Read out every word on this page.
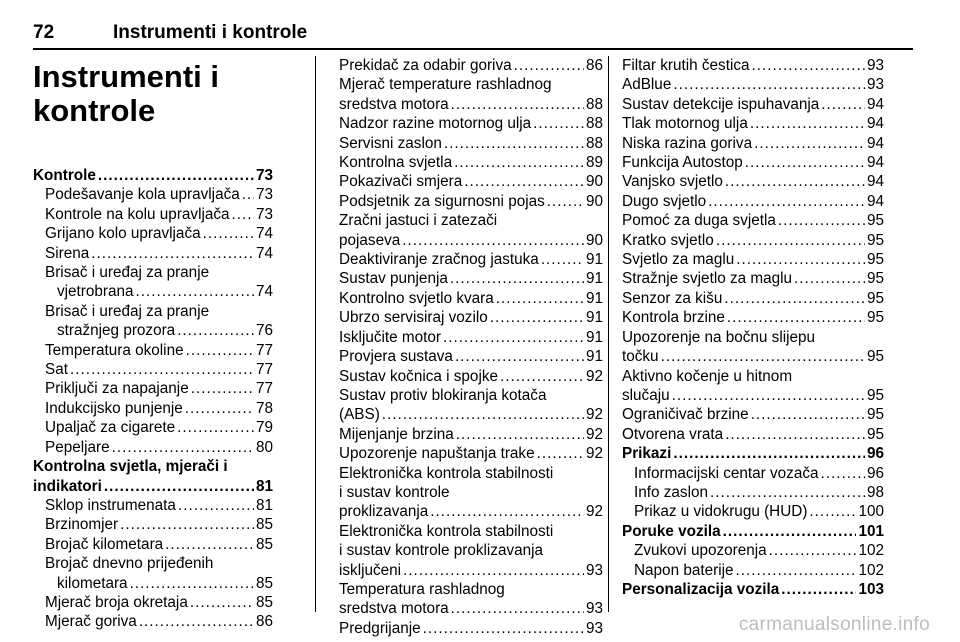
72	Instrumenti i kontrole
Instrumenti i
kontrole
Kontrole .....	73
Podešavanje kola upravljača ..... 73
Kontrole na kolu upravljača ..... 73
Grijano kolo upravljača .....	74
Sirena .....	74
Brisač i uređaj za pranje
vjetrobrana .....	74
Brisač i uređaj za pranje
stražnjeg prozora .....	76
Temperatura okoline .....	77
Sat .....	77
Priključi za napajanje .....	77
Indukcijsko punjenje .....	78
Upaljač za cigarete .....	79
Pepeljare .....	80
Kontrolna svjetla, mjerači i
indikatori .....	81
Sklop instrumenata .....	81
Brzinomjer .....	85
Brojač kilometara .....	85
Brojač dnevno prijeđenih
kilometara .....	85
Mjerač broja okretaja .....	85
Mjerač goriva .....	86
Prekidač za odabir goriva .....	86
Mjerač temperature rashladnog
sredstva motora .....	88
Nadzor razine motornog ulja .....	88
Servisni zaslon .....	88
Kontrolna svjetla .....	89
Pokazivači smjera .....	90
Podsjetnik za sigurnosni pojas .....	90
Zračni jastuci i zatezači
pojaseva .....	90
Deaktiviranje zračnog jastuka .....	91
Sustav punjenja .....	91
Kontrolno svjetlo kvara .....	91
Ubrzo servisiraj vozilo .....	91
Isključite motor .....	91
Provjera sustava .....	91
Sustav kočnica i spojke .....	92
Sustav protiv blokiranja kotača
(ABS) .....	92
Mijenjanje brzina .....	92
Upozorenje napuštanja trake .....	92
Elektronička kontrola stabilnosti
i sustav kontrole
proklizavanja .....	92
Elektronička kontrola stabilnosti
i sustav kontrole proklizavanja
isključeni .....	93
Temperatura rashladnog
sredstva motora .....	93
Predgrijanje .....	93
Filtar krutih čestica .....	93
AdBlue .....	93
Sustav detekcije ispuhavanja .....	94
Tlak motornog ulja .....	94
Niska razina goriva .....	94
Funkcija Autostop .....	94
Vanjsko svjetlo .....	94
Dugo svjetlo .....	94
Pomoć za duga svjetla .....	95
Kratko svjetlo .....	95
Svjetlo za maglu .....	95
Stražnje svjetlo za maglu .....	95
Senzor za kišu .....	95
Kontrola brzine .....	95
Upozorenje na bočnu slijepu
točku .....	95
Aktivno kočenje u hitnom
slučaju .....	95
Ograničivač brzine .....	95
Otvorena vrata .....	95
Prikazi .....	96
Informacijski centar vozača .....	96
Info zaslon .....	98
Prikaz u vidokrugu (HUD) .....	100
Poruke vozila .....	101
Zvukovi upozorenja .....	102
Napon baterije .....	102
Personalizacija vozila .....	103
carmanualsonline.info
